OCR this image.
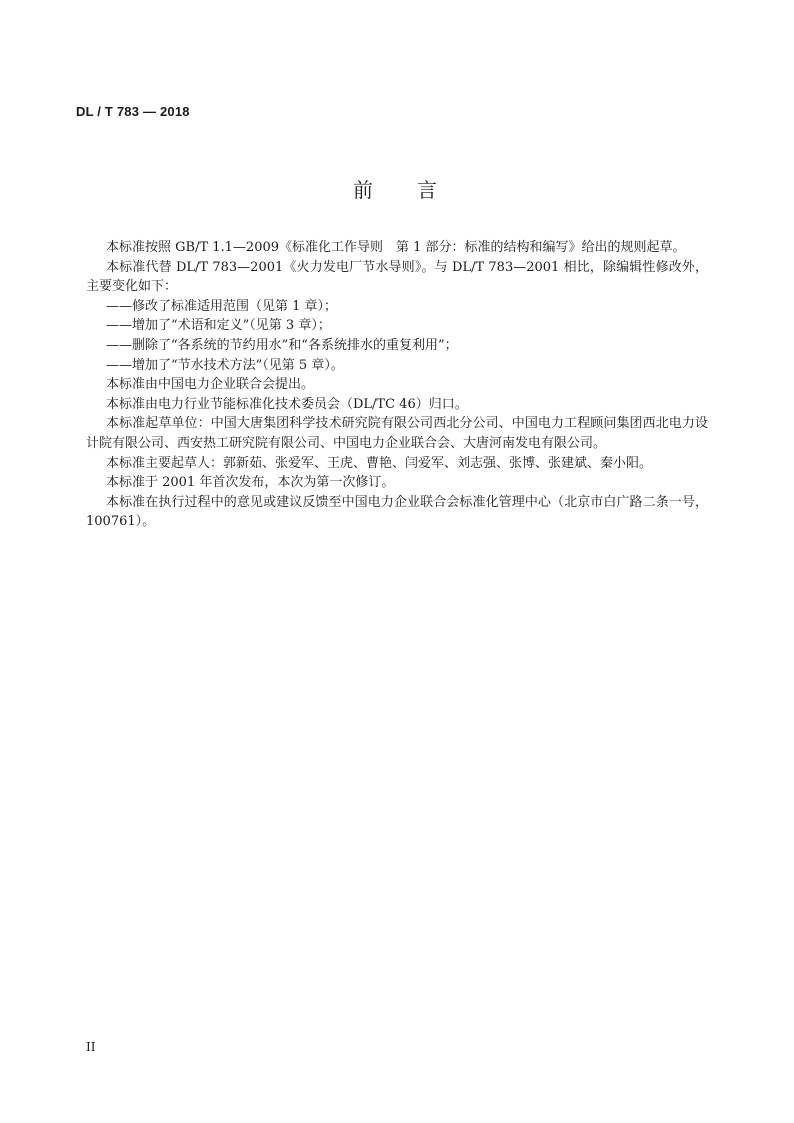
DL / T 783 — 2018
前 言

本标准按照 GB/T 1.1—2009《标准化工作导则　第 1 部分：标准的结构和编写》给出的规则起草。

本标准代替 DL/T 783—2001《火力发电厂节水导则》。与 DL/T 783—2001 相比，除编辑性修改外，主要变化如下：

——修改了标准适用范围（见第 1 章）；

——增加了“术语和定义”（见第 3 章）；

——删除了“各系统的节约用水”和“各系统排水的重复利用”；

——增加了“节水技术方法”（见第 5 章）。

本标准由中国电力企业联合会提出。

本标准由电力行业节能标准化技术委员会（DL/TC 46）归口。

本标准起草单位：中国大唐集团科学技术研究院有限公司西北分公司、中国电力工程顾问集团西北电力设计院有限公司、西安热工研究院有限公司、中国电力企业联合会、大唐河南发电有限公司。

本标准主要起草人：郭新茹、张爱军、王虎、曹艳、闫爱军、刘志强、张博、张建斌、秦小阳。

本标准于 2001 年首次发布，本次为第一次修订。

本标准在执行过程中的意见或建议反馈至中国电力企业联合会标准化管理中心（北京市白广路二条一号，100761）。

II
